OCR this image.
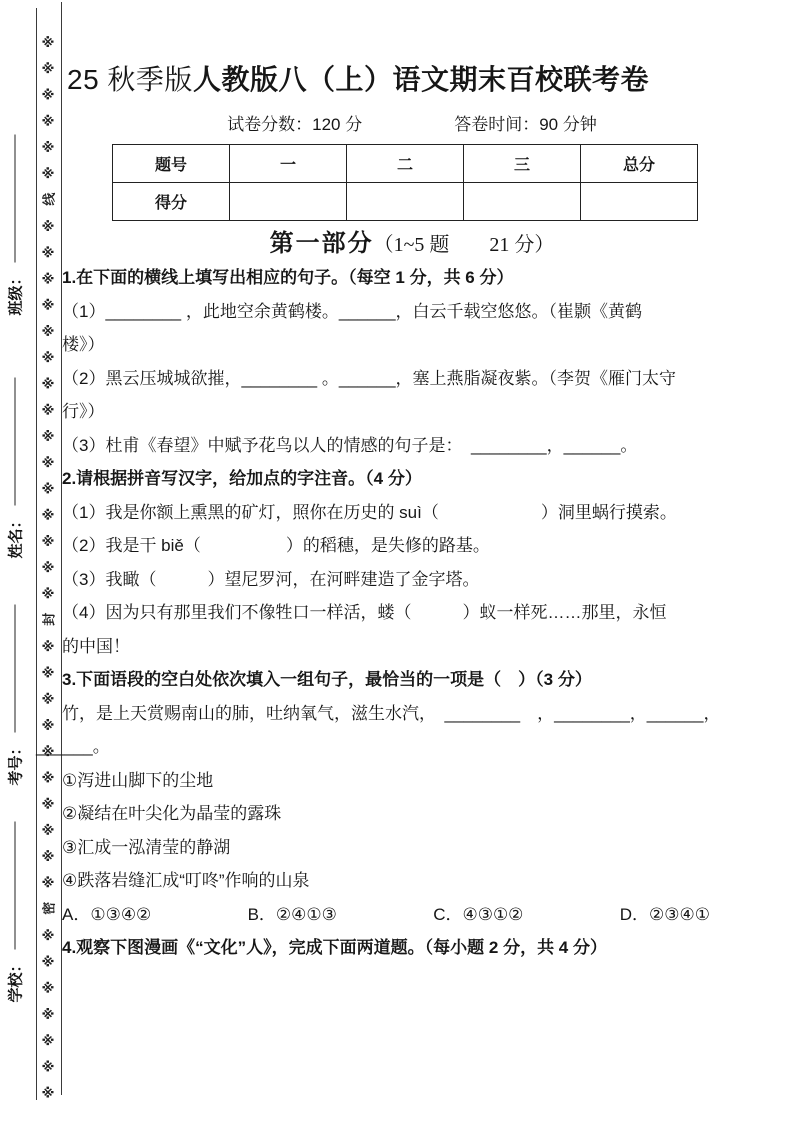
※※※※※※※密※※※※※※※※※※封※※※※※※※※※※※※※※※线※※※※※※
班级：
姓名：
考号：
学校：
25 秋季版人教版八（上）语文期末百校联考卷
试卷分数：120 分	答卷时间：90 分钟
题号	一	二	三	总分
得分				
第一部分（1~5 题　　21 分）
1.在下面的横线上填写出相应的句子。（每空 1 分，共 6 分）
（1）________ ，此地空余黄鹤楼。______，白云千载空悠悠。（崔颢《黄鹤
楼》）
（2）黑云压城城欲摧，________ 。______，塞上燕脂凝夜紫。（李贺《雁门太守
行》）
（3）杜甫《春望》中赋予花鸟以人的情感的句子是：　________，______。
2.请根据拼音写汉字，给加点的字注音。（4 分）
（1）我是你额上熏黑的矿灯，照你在历史的 suì（　　　　　　）洞里蜗行摸索。
（2）我是干 biě（　　　　　）的稻穗，是失修的路基。
（3）我瞰（　　　）望尼罗河，在河畔建造了金字塔。
（4）因为只有那里我们不像牲口一样活，蝼（　　　）蚁一样死……那里，永恒
的中国！
3.下面语段的空白处依次填入一组句子，最恰当的一项是（　）（3 分）
竹，是上天赏赐南山的肺，吐纳氧气，滋生水汽，　________　，________，______，
______。
①泻进山脚下的尘地
②凝结在叶尖化为晶莹的露珠
③汇成一泓清莹的静湖
④跌落岩缝汇成“叮咚”作响的山泉
A．①③④②	B．②④①③	C．④③①②	D．②③④①
4.观察下图漫画《“文化”人》，完成下面两道题。（每小题 2 分，共 4 分）
